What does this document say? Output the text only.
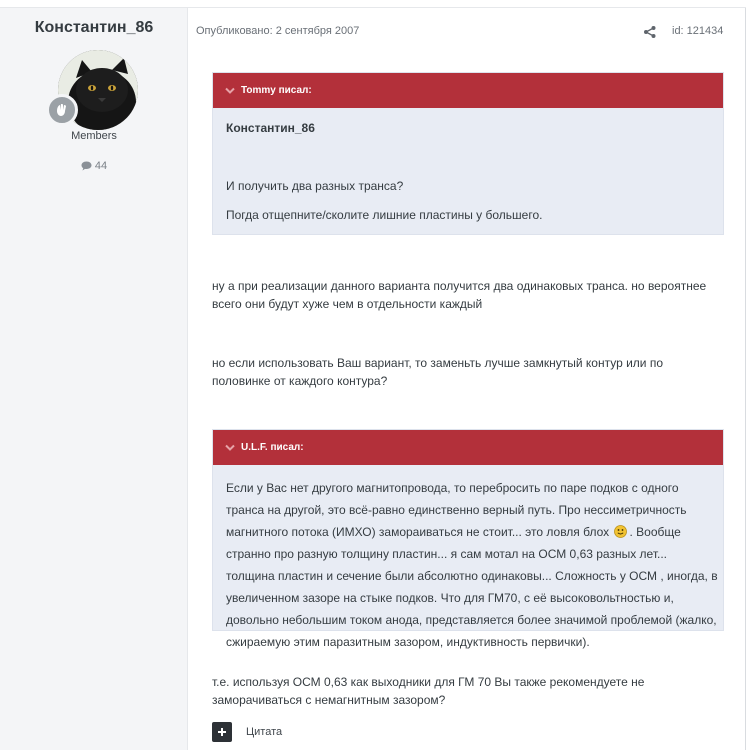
Константин_86
Members
44
Опубликовано: 2 сентября 2007	id: 121434
Tommy писал:
Константин_86
И получить два разных транса?
Погда отщепните/сколите лишние пластины у большего.
ну а при реализации данного варианта получится два одинаковых транса. но вероятнее всего они будут хуже чем в отдельности каждый
но если использовать Ваш вариант, то заменьть лучше замкнутый контур или по половинке от каждого контура?
U.L.F. писал:
Если у Вас нет другого магнитопровода, то перебросить по паре подков с одного транса на другой, это всё-равно единственно верный путь. Про нессиметричность магнитного потока (ИМХО) замораиваться не стоит... это ловля блох . Вообще странно про разную толщину пластин... я сам мотал на ОСМ 0,63 разных лет... толщина пластин и сечение были абсолютно одинаковы... Сложность у ОСМ , иногда, в увеличенном зазоре на стыке подков. Что для ГМ70, с её высоковольтностью и, довольно небольшим током анода, представляется более значимой проблемой (жалко, сжираемую этим паразитным зазором, индуктивность первички).
т.е. используя ОСМ 0,63 как выходники для ГМ 70 Вы также рекомендуете не заморачиваться с немагнитным зазором?
Цитата
